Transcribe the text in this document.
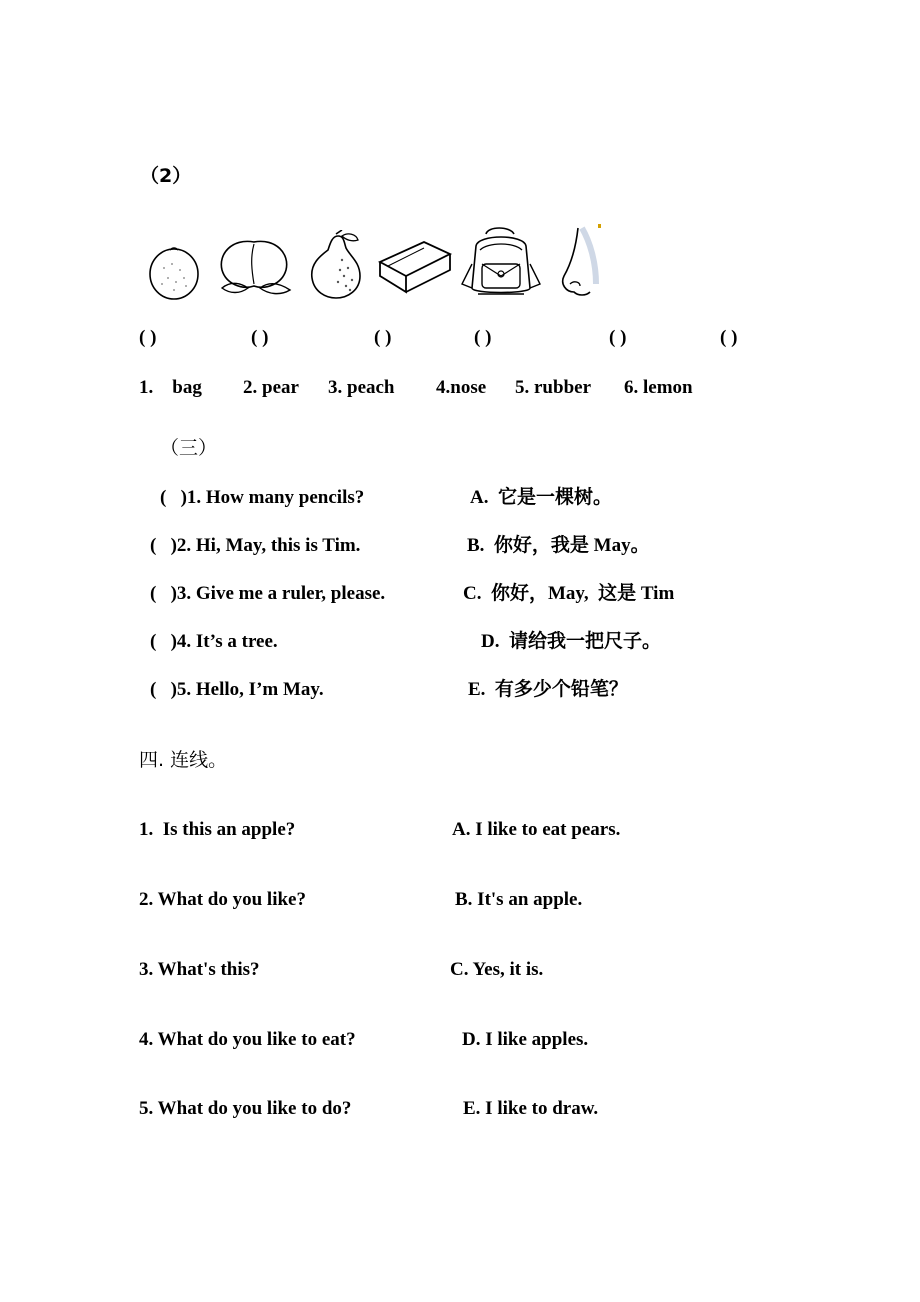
（2）
( )	( )	( )	( )	( )	( )
1.    bag 2. pear 3. peach 4.nose 5. rubber 6. lemon
（三）
(   )1. How many pencils?	A.  它是一棵树。
(   )2. Hi, May, this is Tim.	B.  你好，我是 May。
(   )3. Give me a ruler, please.	C.  你好，May,  这是 Tim
(   )4. It’s a tree.	D.  请给我一把尺子。
(   )5. Hello, I’m May.	E.  有多少个铅笔？
四. 连线。
1.  Is this an apple?	A. I like to eat pears.
2. What do you like?	B. It's an apple.
3. What's this?	C. Yes, it is.
4. What do you like to eat?	D. I like apples.
5. What do you like to do?	E. I like to draw.
